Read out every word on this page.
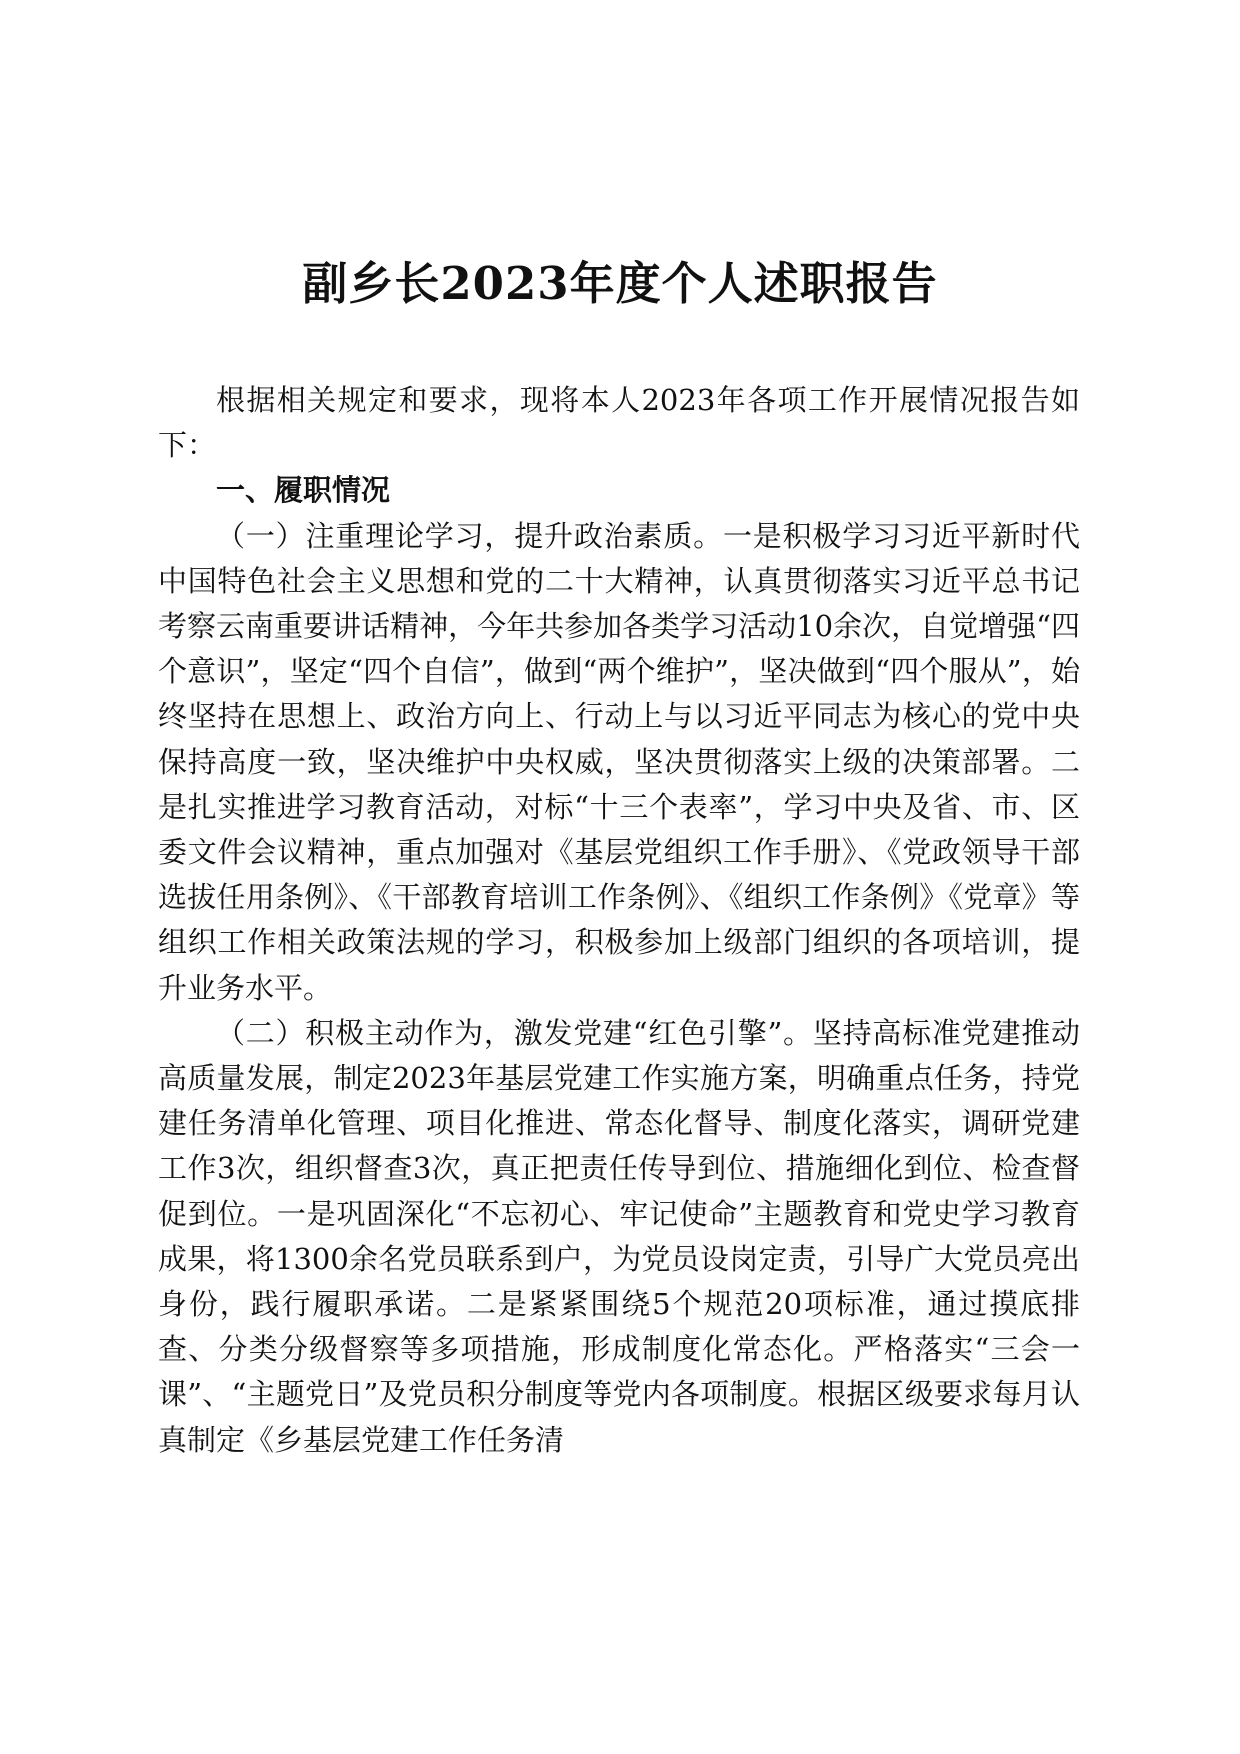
副乡长2023年度个人述职报告

根据相关规定和要求，现将本人2023年各项工作开展情况报告如下：

一、履职情况

（一）注重理论学习，提升政治素质。一是积极学习习近平新时代中国特色社会主义思想和党的二十大精神，认真贯彻落实习近平总书记考察云南重要讲话精神，今年共参加各类学习活动10余次，自觉增强“四个意识”，坚定“四个自信”，做到“两个维护”，坚决做到“四个服从”，始终坚持在思想上、政治方向上、行动上与以习近平同志为核心的党中央保持高度一致，坚决维护中央权威，坚决贯彻落实上级的决策部署。二是扎实推进学习教育活动，对标“十三个表率”，学习中央及省、市、区委文件会议精神，重点加强对《基层党组织工作手册》、《党政领导干部选拔任用条例》、《干部教育培训工作条例》、《组织工作条例》《党章》等组织工作相关政策法规的学习，积极参加上级部门组织的各项培训，提升业务水平。

（二）积极主动作为，激发党建“红色引擎”。坚持高标准党建推动高质量发展，制定2023年基层党建工作实施方案，明确重点任务，持党建任务清单化管理、项目化推进、常态化督导、制度化落实，调研党建工作3次，组织督查3次，真正把责任传导到位、措施细化到位、检查督促到位。一是巩固深化“不忘初心、牢记使命”主题教育和党史学习教育成果，将1300余名党员联系到户，为党员设岗定责，引导广大党员亮出身份，践行履职承诺。二是紧紧围绕5个规范20项标准，通过摸底排查、分类分级督察等多项措施，形成制度化常态化。严格落实“三会一课”、“主题党日”及党员积分制度等党内各项制度。根据区级要求每月认真制定《乡基层党建工作任务清
